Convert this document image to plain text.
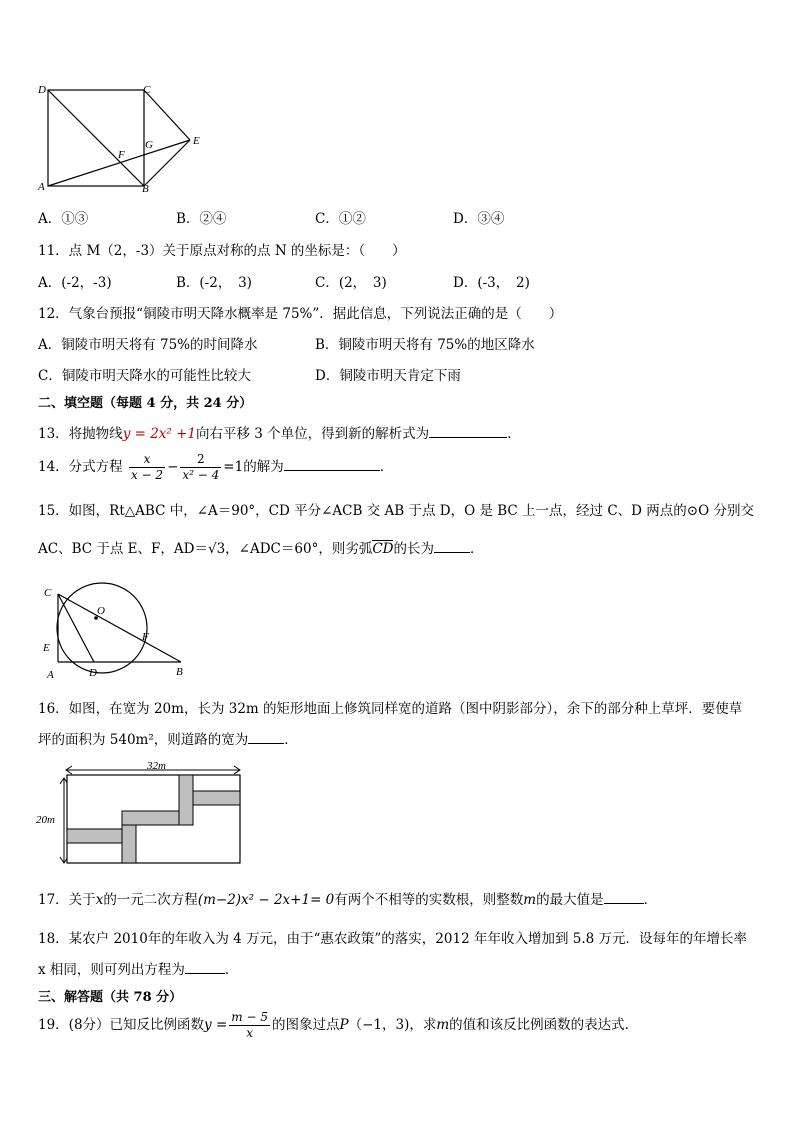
D	C
F
G	E
A	B
A．①③	B．②④	C．①②	D．③④
11．点 M（2，-3）关于原点对称的点 N 的坐标是：（　　）
A．(-2，-3)	B．(-2，　3)	C．(2，　3)	D．(-3，　2)
12．气象台预报“铜陵市明天降水概率是 75%”．据此信息，下列说法正确的是（　　）
A．铜陵市明天将有 75%的时间降水	B．铜陵市明天将有 75%的地区降水
C．铜陵市明天降水的可能性比较大	D．铜陵市明天肯定下雨
二、填空题（每题 4 分，共 24 分）
13．将抛物线y = 2x² +1向右平移 3 个单位，得到新的解析式为	．
14．分式方程 $\frac{x}{x - 2} - \frac{2}{\text{x² − 4}} =1$的解为	．
15．如图，Rt△ABC 中，∠A＝90°，CD 平分∠ACB 交 AB 于点 D，O 是 BC 上一点，经过 C、D 两点的⊙O 分别交
AC、BC 于点 E、F，AD＝√3，∠ADC＝60°，则劣弧CD的长为	．
C
O
F
E
A	D	B
16．如图，在宽为 20m，长为 32m 的矩形地面上修筑同样宽的道路（图中阴影部分），余下的部分种上草坪．要使草
坪的面积为 540m²，则道路的宽为	．
32m
20m
17．关于x的一元二次方程(m−2)x² − 2x+1= 0有两个不相等的实数根，则整数m的最大值是	．
18．某农户 2010年的年收入为 4 万元，由于“惠农政策”的落实，2012 年年收入增加到 5.8 万元．设每年的年增长率
x 相同，则可列出方程为	．
三、解答题（共 78 分）
19．(8分）已知反比例函数$y = \frac{m - 5}{x}$ 的图象过点P（−1，3)，求m的值和该反比例函数的表达式．
